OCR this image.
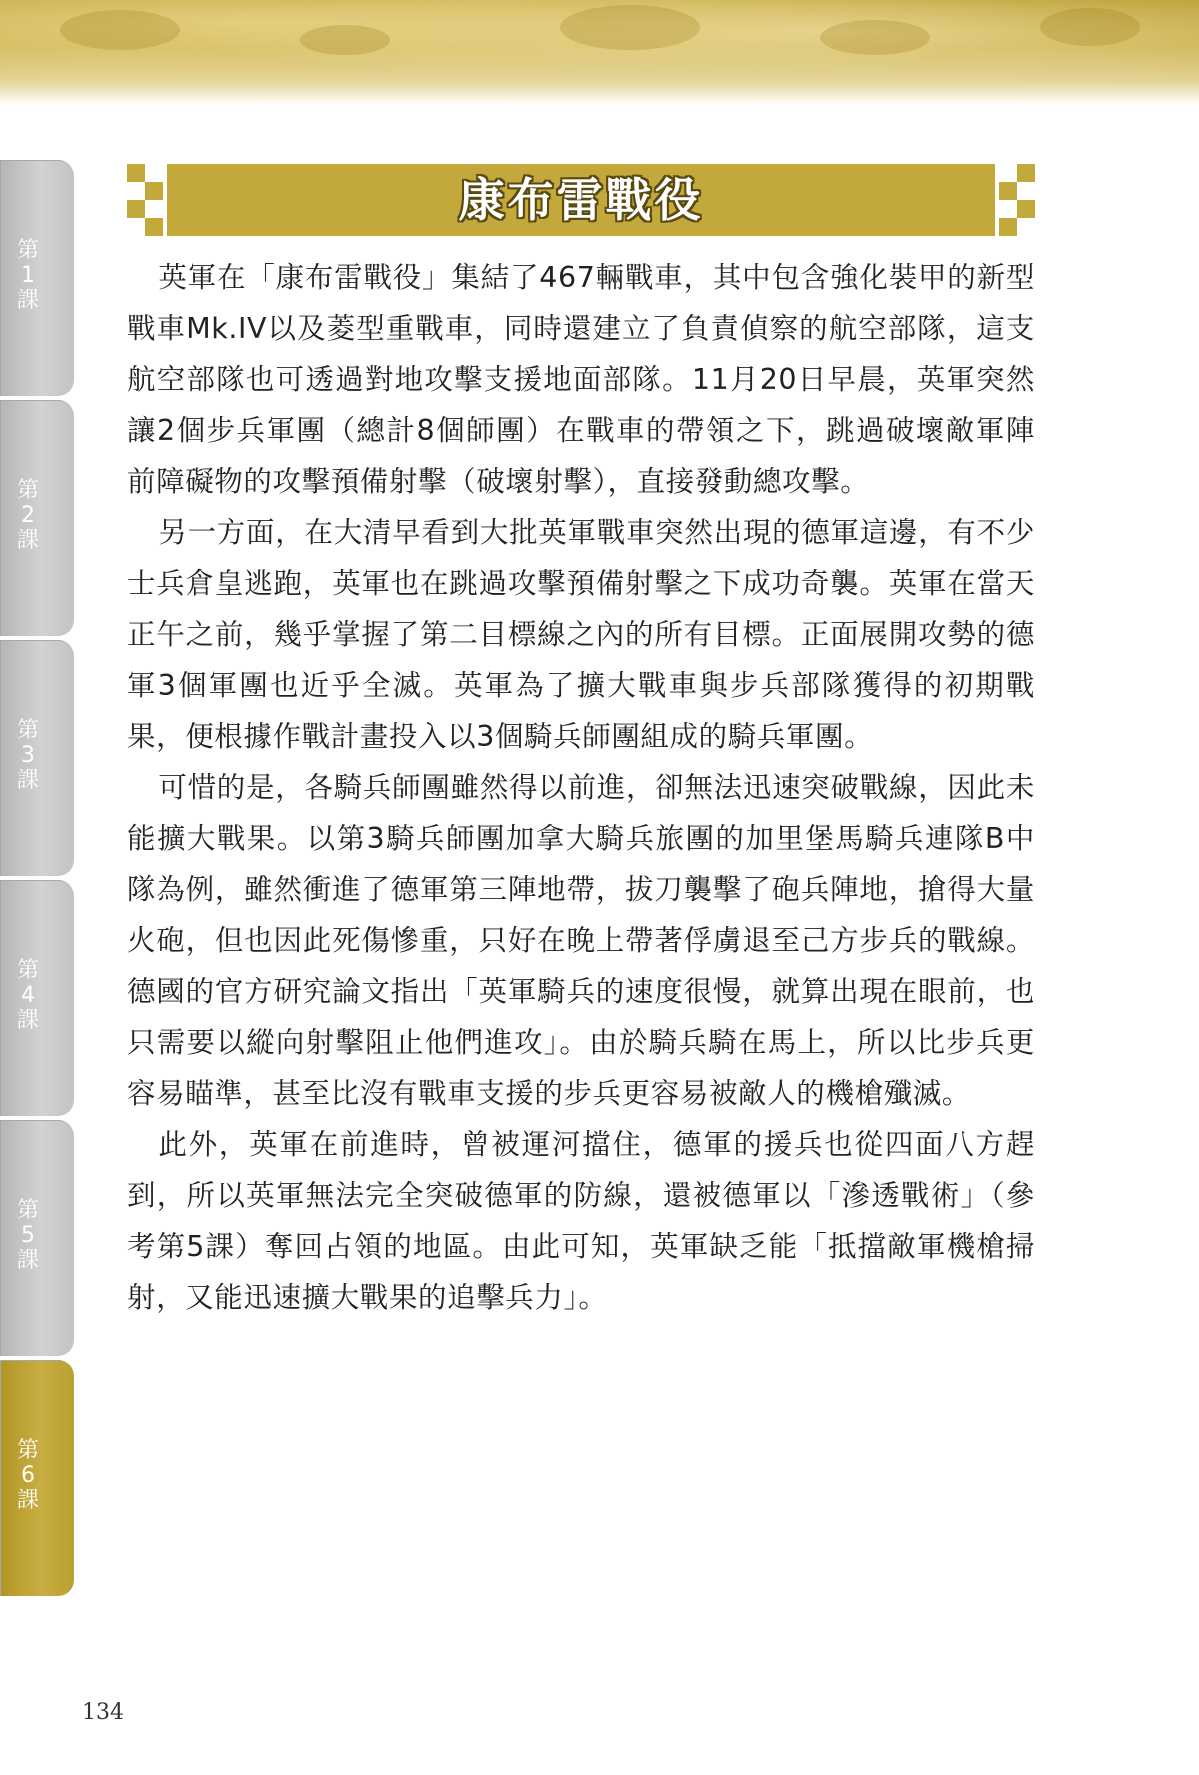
第
1
課
第
2
課
第
3
課
第
4
課
第
5
課
第
6
課
康布雷戰役

英軍在「康布雷戰役」集結了467輛戰車，其中包含強化裝甲的新型戰車Mk.IV以及菱型重戰車，同時還建立了負責偵察的航空部隊，這支航空部隊也可透過對地攻擊支援地面部隊。11月20日早晨，英軍突然讓2個步兵軍團（總計8個師團）在戰車的帶領之下，跳過破壞敵軍陣前障礙物的攻擊預備射擊（破壞射擊），直接發動總攻擊。

另一方面，在大清早看到大批英軍戰車突然出現的德軍這邊，有不少士兵倉皇逃跑，英軍也在跳過攻擊預備射擊之下成功奇襲。英軍在當天正午之前，幾乎掌握了第二目標線之內的所有目標。正面展開攻勢的德軍3個軍團也近乎全滅。英軍為了擴大戰車與步兵部隊獲得的初期戰果，便根據作戰計畫投入以3個騎兵師團組成的騎兵軍團。

可惜的是，各騎兵師團雖然得以前進，卻無法迅速突破戰線，因此未能擴大戰果。以第3騎兵師團加拿大騎兵旅團的加里堡馬騎兵連隊B中隊為例，雖然衝進了德軍第三陣地帶，拔刀襲擊了砲兵陣地，搶得大量火砲，但也因此死傷慘重，只好在晚上帶著俘虜退至己方步兵的戰線。德國的官方研究論文指出「英軍騎兵的速度很慢，就算出現在眼前，也只需要以縱向射擊阻止他們進攻」。由於騎兵騎在馬上，所以比步兵更容易瞄準，甚至比沒有戰車支援的步兵更容易被敵人的機槍殲滅。

此外，英軍在前進時，曾被運河擋住，德軍的援兵也從四面八方趕到，所以英軍無法完全突破德軍的防線，還被德軍以「滲透戰術」（參考第5課）奪回占領的地區。由此可知，英軍缺乏能「抵擋敵軍機槍掃射，又能迅速擴大戰果的追擊兵力」。

134
